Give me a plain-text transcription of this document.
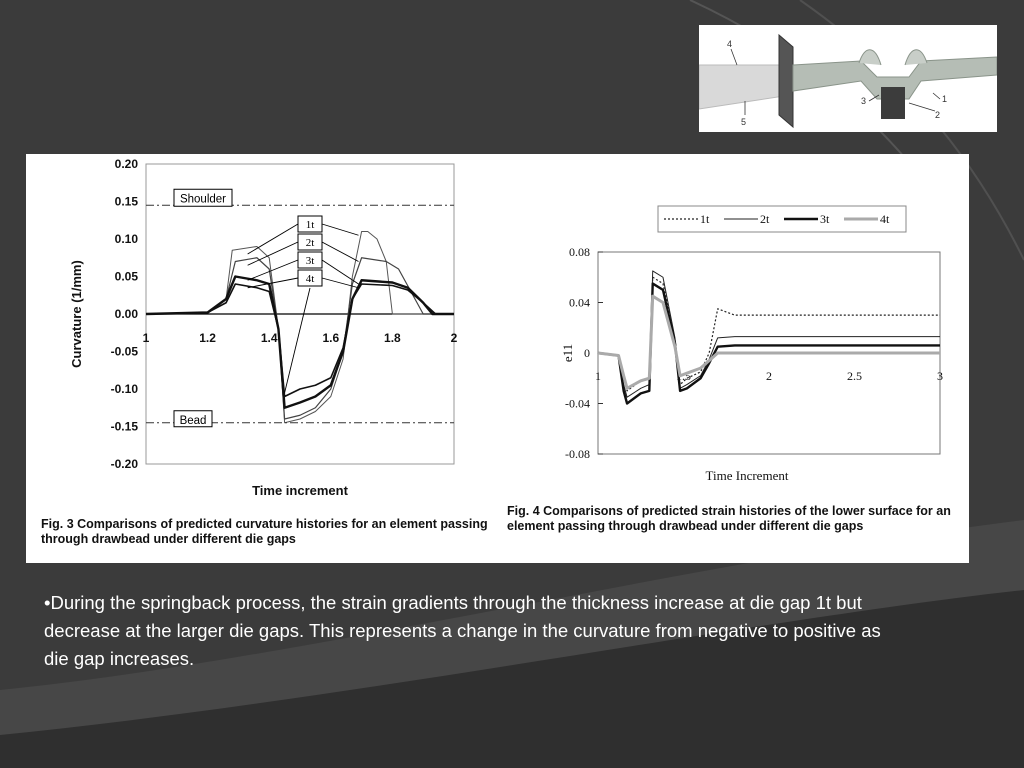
4
5
3	1
2
0.20
0.15
0.10
0.05
0.00
-0.05
-0.10
-0.15
-0.20
1	1.2	1.4	1.6	1.8	2
Time increment
Curvature (1/mm)
Shoulder
Bead
1t
2t
3t
4t
0.08
0.04
0
-0.04
-0.08
1	1.5	2	2.5	3
Time Increment
e11
1t	2t	3t	4t
Fig. 3 Comparisons of predicted curvature histories for an element passing through drawbead under different die gaps
Fig. 4 Comparisons of predicted strain histories of the lower surface for an element passing through drawbead under different die gaps
•During the springback process, the strain gradients through the thickness increase at die gap 1t but decrease at the larger die gaps. This represents a change in the curvature from negative to positive as die gap increases.
